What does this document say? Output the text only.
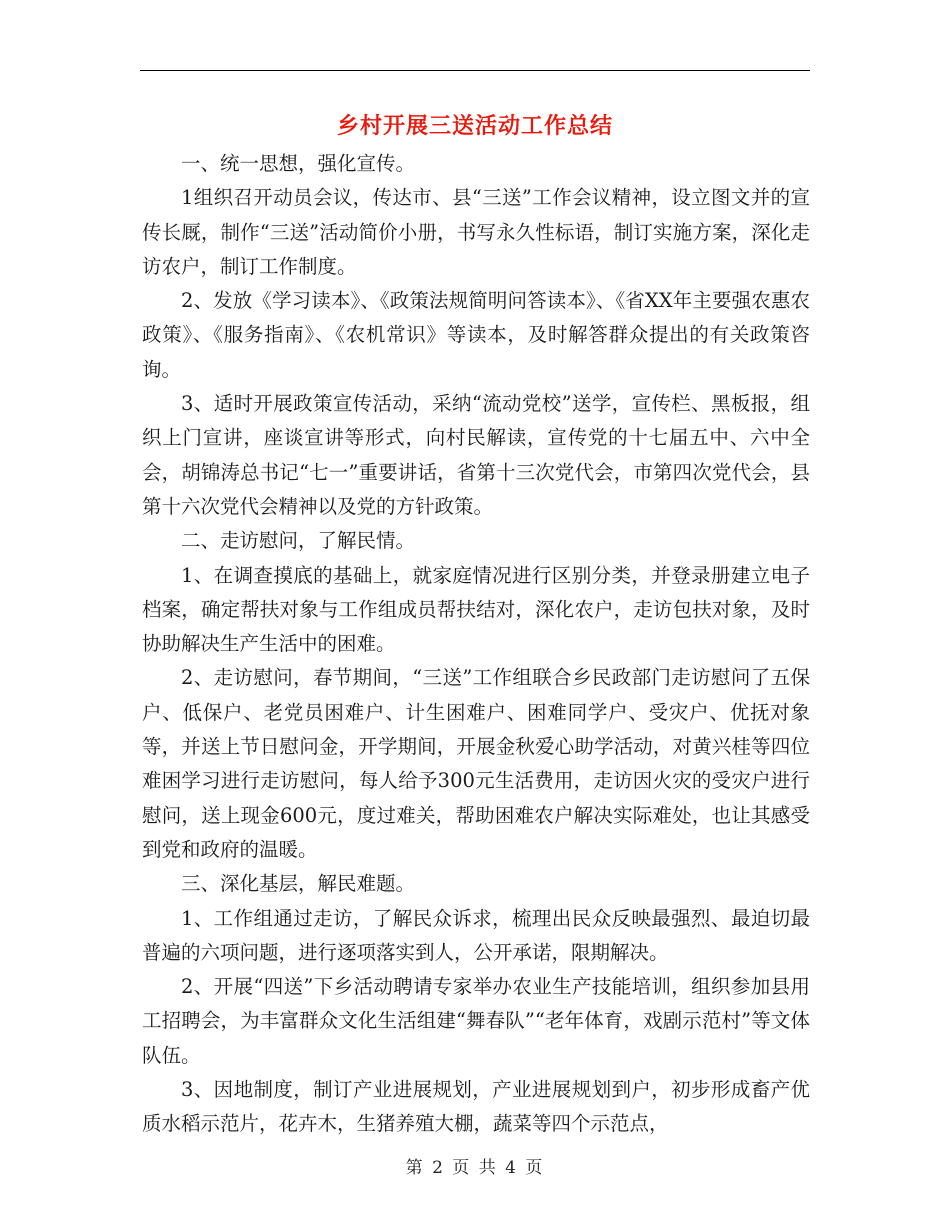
乡村开展三送活动工作总结

一、统一思想，强化宣传。

1组织召开动员会议，传达市、县“三送”工作会议精神，设立图文并的宣传长厩，制作“三送”活动简价小册，书写永久性标语，制订实施方案，深化走访农户，制订工作制度。

2、发放《学习读本》、《政策法规简明问答读本》、《省XX年主要强农惠农政策》、《服务指南》、《农机常识》等读本，及时解答群众提出的有关政策咨询。

3、适时开展政策宣传活动，采纳“流动党校”送学，宣传栏、黑板报，组织上门宣讲，座谈宣讲等形式，向村民解读，宣传党的十七届五中、六中全会，胡锦涛总书记“七一”重要讲话，省第十三次党代会，市第四次党代会，县第十六次党代会精神以及党的方针政策。

二、走访慰问，了解民情。

1、在调查摸底的基础上，就家庭情况进行区别分类，并登录册建立电子档案，确定帮扶对象与工作组成员帮扶结对，深化农户，走访包扶对象，及时协助解决生产生活中的困难。

2、走访慰问，春节期间，“三送”工作组联合乡民政部门走访慰问了五保户、低保户、老党员困难户、计生困难户、困难同学户、受灾户、优抚对象等，并送上节日慰问金，开学期间，开展金秋爱心助学活动，对黄兴桂等四位难困学习进行走访慰问，每人给予300元生活费用，走访因火灾的受灾户进行慰问，送上现金600元，度过难关，帮助困难农户解决实际难处，也让其感受到党和政府的温暖。

三、深化基层，解民难题。

1、工作组通过走访，了解民众诉求，梳理出民众反映最强烈、最迫切最普遍的六项问题，进行逐项落实到人，公开承诺，限期解决。

2、开展“四送”下乡活动聘请专家举办农业生产技能培训，组织参加县用工招聘会，为丰富群众文化生活组建“舞春队”“老年体育，戏剧示范村”等文体队伍。

3、因地制度，制订产业进展规划，产业进展规划到户，初步形成畜产优质水稻示范片，花卉木，生猪养殖大棚，蔬菜等四个示范点，

第 2 页 共 4 页
